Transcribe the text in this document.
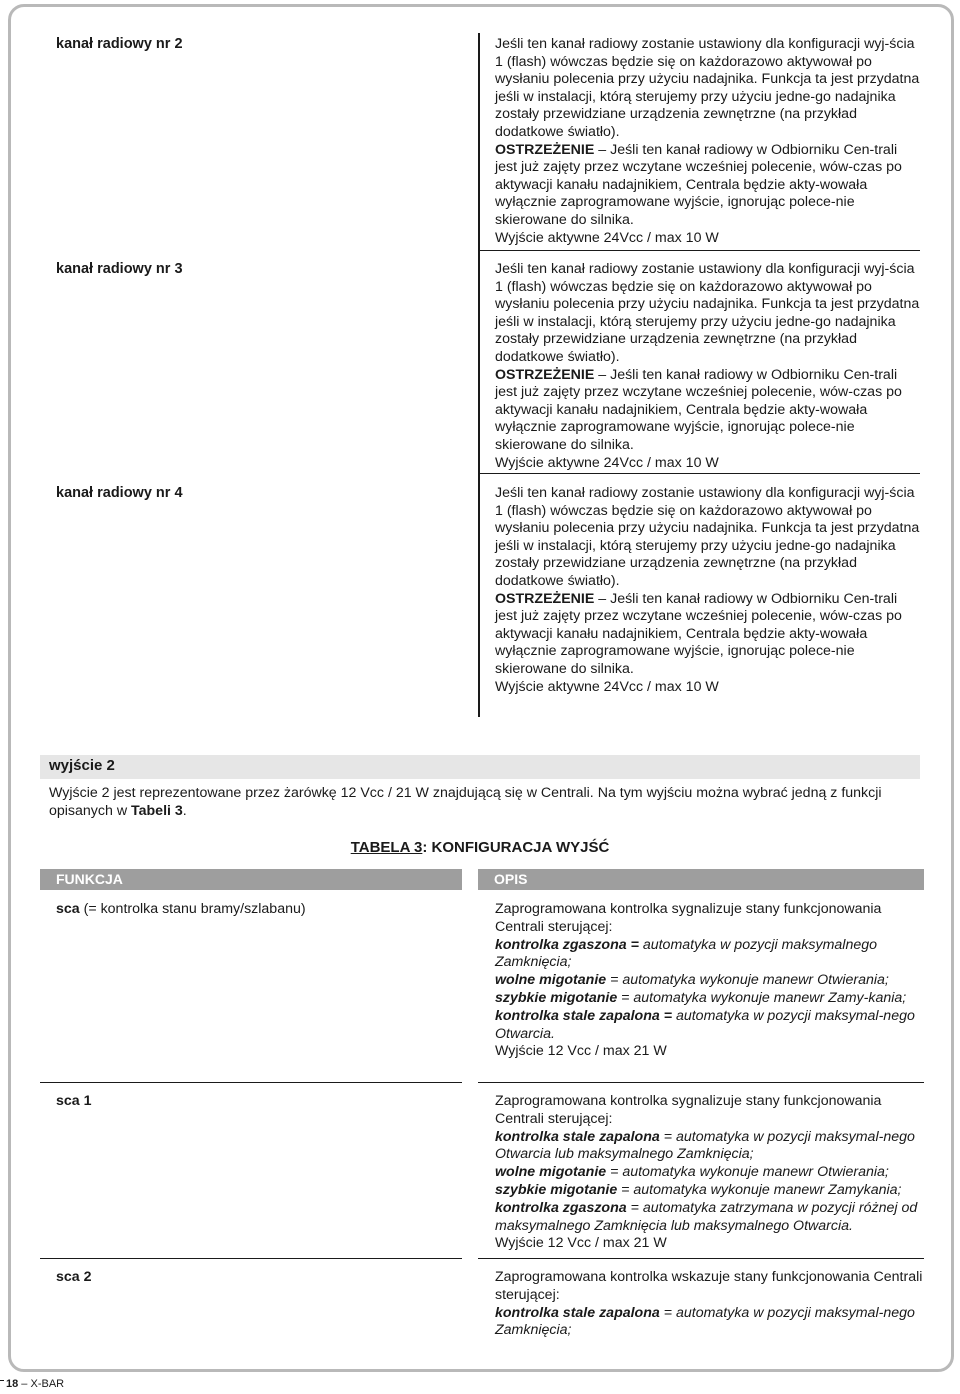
kanał radiowy nr 2	Jeśli ten kanał radiowy zostanie ustawiony dla konfiguracji wyj-ścia 1 (flash) wówczas będzie się on każdorazowo aktywował po wysłaniu polecenia przy użyciu nadajnika. Funkcja ta jest przydatna jeśli w instalacji, którą sterujemy przy użyciu jedne-go nadajnika zostały przewidziane urządzenia zewnętrzne (na przykład dodatkowe światło).

OSTRZEŻENIE – Jeśli ten kanał radiowy w Odbiorniku Cen-trali jest już zajęty przez wczytane wcześniej polecenie, wów-czas po aktywacji kanału nadajnikiem, Centrala będzie akty-wowała wyłącznie zaprogramowane wyjście, ignorując polece-nie skierowane do silnika.

Wyjście aktywne 24Vcc / max 10 W

kanał radiowy nr 3	Jeśli ten kanał radiowy zostanie ustawiony dla konfiguracji wyj-ścia 1 (flash) wówczas będzie się on każdorazowo aktywował po wysłaniu polecenia przy użyciu nadajnika. Funkcja ta jest przydatna jeśli w instalacji, którą sterujemy przy użyciu jedne-go nadajnika zostały przewidziane urządzenia zewnętrzne (na przykład dodatkowe światło).

OSTRZEŻENIE – Jeśli ten kanał radiowy w Odbiorniku Cen-trali jest już zajęty przez wczytane wcześniej polecenie, wów-czas po aktywacji kanału nadajnikiem, Centrala będzie akty-wowała wyłącznie zaprogramowane wyjście, ignorując polece-nie skierowane do silnika.

Wyjście aktywne 24Vcc / max 10 W

kanał radiowy nr 4	Jeśli ten kanał radiowy zostanie ustawiony dla konfiguracji wyj-ścia 1 (flash) wówczas będzie się on każdorazowo aktywował po wysłaniu polecenia przy użyciu nadajnika. Funkcja ta jest przydatna jeśli w instalacji, którą sterujemy przy użyciu jedne-go nadajnika zostały przewidziane urządzenia zewnętrzne (na przykład dodatkowe światło).

OSTRZEŻENIE – Jeśli ten kanał radiowy w Odbiorniku Cen-trali jest już zajęty przez wczytane wcześniej polecenie, wów-czas po aktywacji kanału nadajnikiem, Centrala będzie akty-wowała wyłącznie zaprogramowane wyjście, ignorując polece-nie skierowane do silnika.

Wyjście aktywne 24Vcc / max 10 W

wyjście 2
Wyjście 2 jest reprezentowane przez żarówkę 12 Vcc / 21 W znajdującą się w Centrali. Na tym wyjściu można wybrać jedną z funkcji opisanych w Tabeli 3.
TABELA 3: KONFIGURACJA WYJŚĆ
FUNKCJA	OPIS
sca (= kontrolka stanu bramy/szlabanu)	Zaprogramowana kontrolka sygnalizuje stany funkcjonowania Centrali sterującej:

kontrolka zgaszona = automatyka w pozycji maksymalnego Zamknięcia;

wolne migotanie = automatyka wykonuje manewr Otwierania;

szybkie migotanie = automatyka wykonuje manewr Zamy-kania;

kontrolka stale zapalona = automatyka w pozycji maksymal-nego Otwarcia.

Wyjście 12 Vcc / max 21 W

sca 1	Zaprogramowana kontrolka sygnalizuje stany funkcjonowania Centrali sterującej:

kontrolka stale zapalona = automatyka w pozycji maksymal-nego Otwarcia lub maksymalnego Zamknięcia;

wolne migotanie = automatyka wykonuje manewr Otwierania;

szybkie migotanie = automatyka wykonuje manewr Zamykania;

kontrolka zgaszona = automatyka zatrzymana w pozycji różnej od maksymalnego Zamknięcia lub maksymalnego Otwarcia.

Wyjście 12 Vcc / max 21 W

sca 2	Zaprogramowana kontrolka wskazuje stany funkcjonowania Centrali sterującej:

kontrolka stale zapalona = automatyka w pozycji maksymal-nego Zamknięcia;

18 – X-BAR
